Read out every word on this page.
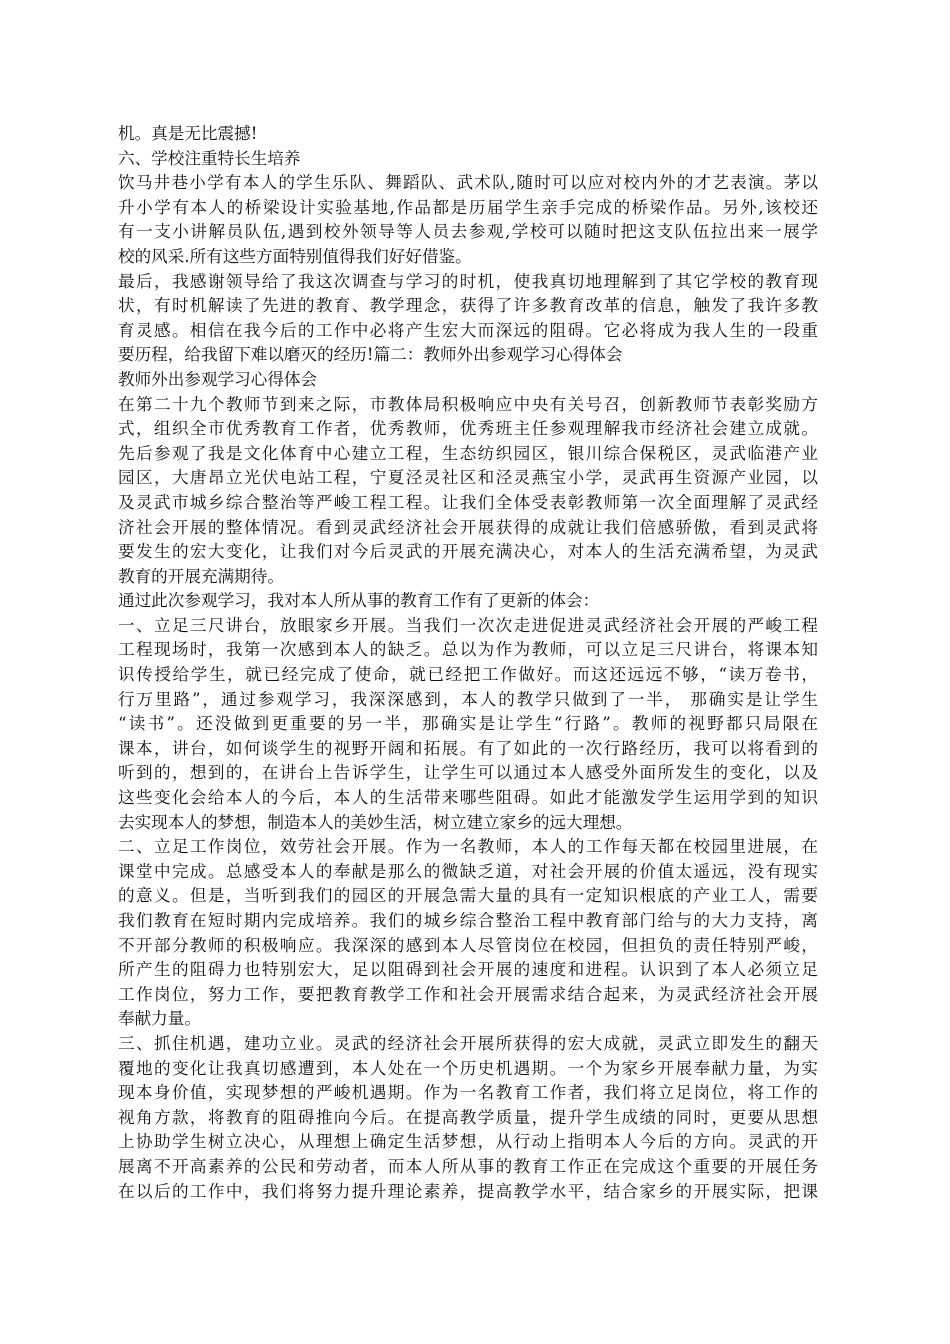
机。真是无比震撼!
六、学校注重特长生培养
饮马井巷小学有本人的学生乐队、舞蹈队、武术队,随时可以应对校内外的才艺表演。茅以
升小学有本人的桥梁设计实验基地,作品都是历届学生亲手完成的桥梁作品。另外,该校还
有一支小讲解员队伍,遇到校外领导等人员去参观,学校可以随时把这支队伍拉出来一展学
校的风采.所有这些方面特别值得我们好好借鉴。
最后，我感谢领导给了我这次调查与学习的时机，使我真切地理解到了其它学校的教育现
状，有时机解读了先进的教育、教学理念，获得了许多教育改革的信息，触发了我许多教
育灵感。相信在我今后的工作中必将产生宏大而深远的阻碍。它必将成为我人生的一段重
要历程，给我留下难以磨灭的经历!篇二：教师外出参观学习心得体会
教师外出参观学习心得体会
在第二十九个教师节到来之际，市教体局积极响应中央有关号召，创新教师节表彰奖励方
式，组织全市优秀教育工作者，优秀教师，优秀班主任参观理解我市经济社会建立成就。
先后参观了我是文化体育中心建立工程，生态纺织园区，银川综合保税区，灵武临港产业
园区，大唐昂立光伏电站工程，宁夏泾灵社区和泾灵燕宝小学，灵武再生资源产业园，以
及灵武市城乡综合整治等严峻工程工程。让我们全体受表彰教师第一次全面理解了灵武经
济社会开展的整体情况。看到灵武经济社会开展获得的成就让我们倍感骄傲，看到灵武将
要发生的宏大变化，让我们对今后灵武的开展充满决心，对本人的生活充满希望，为灵武
教育的开展充满期待。
通过此次参观学习，我对本人所从事的教育工作有了更新的体会：
一、立足三尺讲台，放眼家乡开展。当我们一次次走进促进灵武经济社会开展的严峻工程
工程现场时，我第一次感到本人的缺乏。总以为作为教师，可以立足三尺讲台，将课本知
识传授给学生，就已经完成了使命，就已经把工作做好。而这还远远不够，“读万卷书，
行万里路”，通过参观学习，我深深感到，本人的教学只做到了一半， 那确实是让学生
“读书”。还没做到更重要的另一半，那确实是让学生“行路”。教师的视野都只局限在
课本，讲台，如何谈学生的视野开阔和拓展。有了如此的一次行路经历，我可以将看到的
听到的，想到的，在讲台上告诉学生，让学生可以通过本人感受外面所发生的变化，以及
这些变化会给本人的今后，本人的生活带来哪些阻碍。如此才能激发学生运用学到的知识
去实现本人的梦想，制造本人的美妙生活，树立建立家乡的远大理想。
二、立足工作岗位，效劳社会开展。作为一名教师，本人的工作每天都在校园里进展，在
课堂中完成。总感受本人的奉献是那么的微缺乏道，对社会开展的价值太遥远，没有现实
的意义。但是，当听到我们的园区的开展急需大量的具有一定知识根底的产业工人，需要
我们教育在短时期内完成培养。我们的城乡综合整治工程中教育部门给与的大力支持，离
不开部分教师的积极响应。我深深的感到本人尽管岗位在校园，但担负的责任特别严峻，
所产生的阻碍力也特别宏大，足以阻碍到社会开展的速度和进程。认识到了本人必须立足
工作岗位，努力工作，要把教育教学工作和社会开展需求结合起来，为灵武经济社会开展
奉献力量。
三、抓住机遇，建功立业。灵武的经济社会开展所获得的宏大成就，灵武立即发生的翻天
覆地的变化让我真切感遭到，本人处在一个历史机遇期。一个为家乡开展奉献力量，为实
现本身价值，实现梦想的严峻机遇期。作为一名教育工作者，我们将立足岗位，将工作的
视角方款，将教育的阻碍推向今后。在提高教学质量，提升学生成绩的同时，更要从思想
上协助学生树立决心，从理想上确定生活梦想，从行动上指明本人今后的方向。灵武的开
展离不开高素养的公民和劳动者，而本人所从事的教育工作正在完成这个重要的开展任务
在以后的工作中，我们将努力提升理论素养，提高教学水平，结合家乡的开展实际，把课
